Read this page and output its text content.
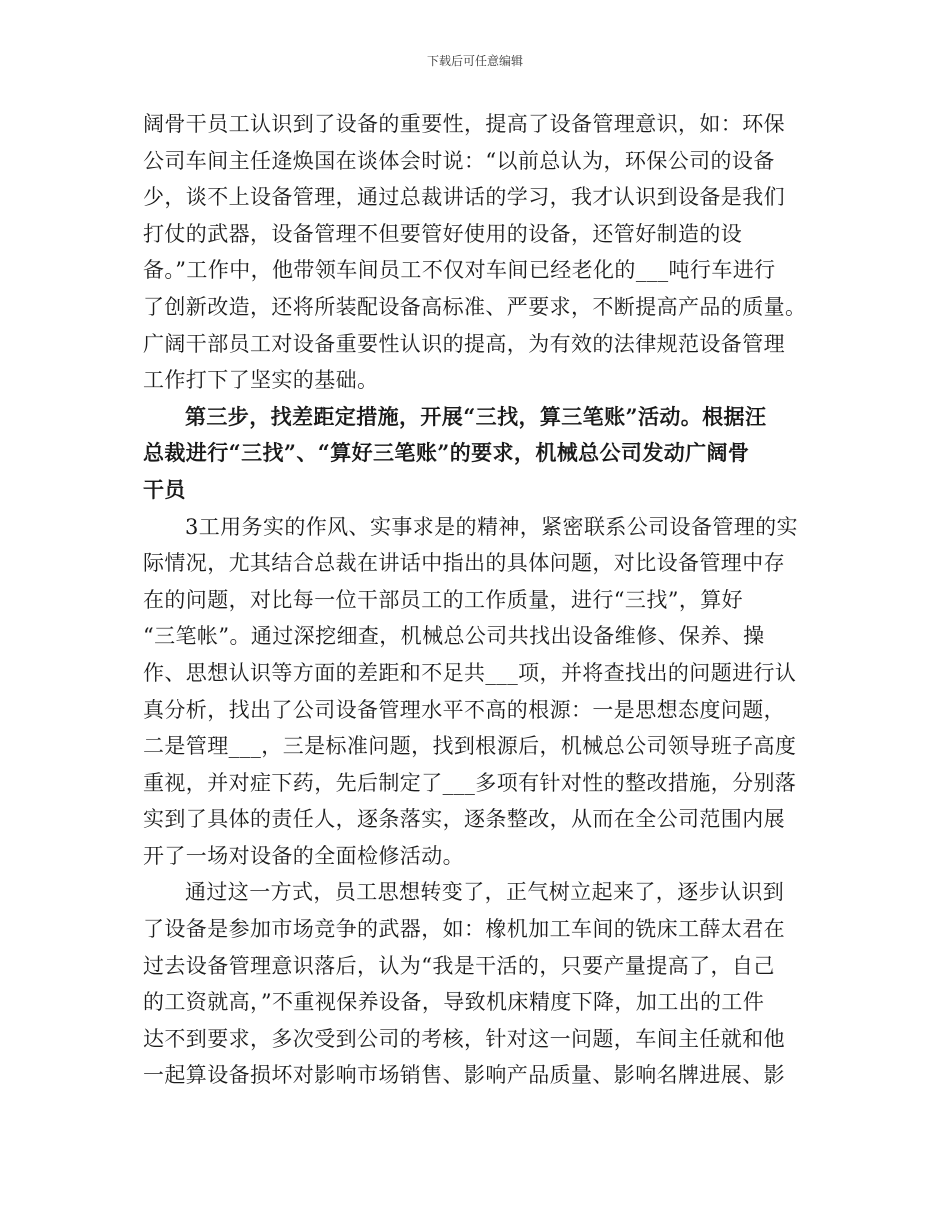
下载后可任意编辑
阔骨干员工认识到了设备的重要性，提高了设备管理意识，如：环保
公司车间主任逄焕国在谈体会时说：“以前总认为，环保公司的设备
少，谈不上设备管理，通过总裁讲话的学习，我才认识到设备是我们
打仗的武器，设备管理不但要管好使用的设备，还管好制造的设
备。”工作中，他带领车间员工不仅对车间已经老化的___吨行车进行
了创新改造，还将所装配设备高标准、严要求，不断提高产品的质量。
广阔干部员工对设备重要性认识的提高，为有效的法律规范设备管理
工作打下了坚实的基础。
第三步，找差距定措施，开展“三找，算三笔账”活动。根据汪
总裁进行“三找”、“算好三笔账”的要求，机械总公司发动广阔骨
干员
3工用务实的作风、实事求是的精神，紧密联系公司设备管理的实
际情况，尤其结合总裁在讲话中指出的具体问题，对比设备管理中存
在的问题，对比每一位干部员工的工作质量，进行“三找”，算好
“三笔帐”。通过深挖细查，机械总公司共找出设备维修、保养、操
作、思想认识等方面的差距和不足共___项，并将查找出的问题进行认
真分析，找出了公司设备管理水平不高的根源：一是思想态度问题，
二是管理___，三是标准问题，找到根源后，机械总公司领导班子高度
重视，并对症下药，先后制定了___多项有针对性的整改措施，分别落
实到了具体的责任人，逐条落实，逐条整改，从而在全公司范围内展
开了一场对设备的全面检修活动。
通过这一方式，员工思想转变了，正气树立起来了，逐步认识到
了设备是参加市场竞争的武器，如：橡机加工车间的铣床工薛太君在
过去设备管理意识落后，认为“我是干活的，只要产量提高了，自己
的工资就高，”不重视保养设备，导致机床精度下降，加工出的工件
达不到要求，多次受到公司的考核，针对这一问题，车间主任就和他
一起算设备损坏对影响市场销售、影响产品质量、影响名牌进展、影
